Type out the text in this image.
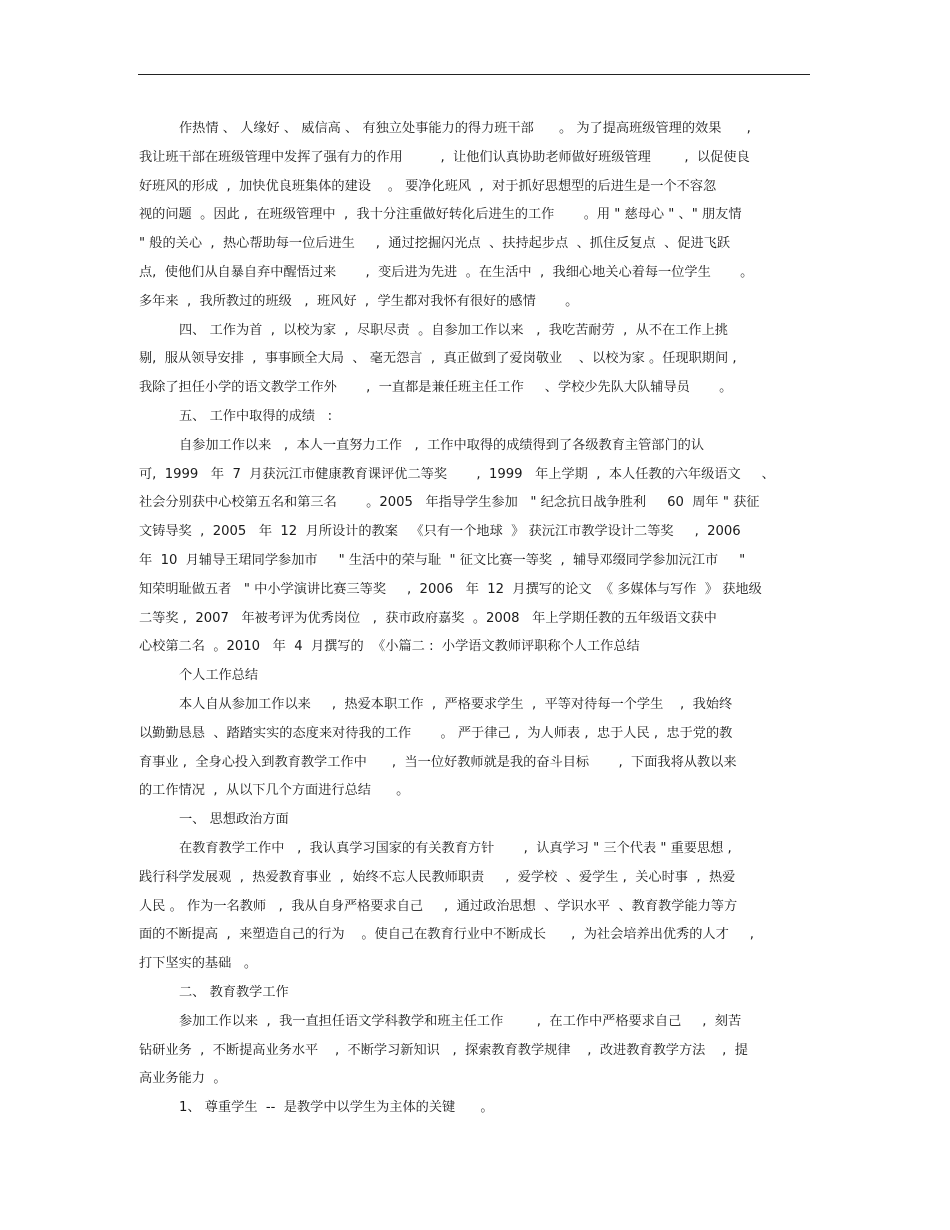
作热情 、 人缘好 、 威信高 、 有独立处事能力的得力班干部      。 为了提高班级管理的效果      ,
我让班干部在班级管理中发挥了强有力的作用         ,  让他们认真协助老师做好班级管理        ,  以促使良
好班风的形成  ,  加快优良班集体的建设    。 要净化班风  ,  对于抓好思想型的后进生是一个不容忽
视的问题  。因此 ,  在班级管理中  ,  我十分注重做好转化后进生的工作       。用 " 慈母心 " 、" 朋友情
" 般的关心  ,  热心帮助每一位后进生     ,  通过挖掘闪光点  、扶持起步点  、抓住反复点  、促进飞跃
点,  使他们从自暴自弃中醒悟过来       ,  变后进为先进  。在生活中  ,  我细心地关心着每一位学生       。
多年来  ,  我所教过的班级   ,  班风好  ,  学生都对我怀有很好的感情       。
四、 工作为首  ,  以校为家  ,  尽职尽责  。自参加工作以来   ,  我吃苦耐劳  ,  从不在工作上挑
剔,  服从领导安排  ,  事事顾全大局  、 毫无怨言  ,  真正做到了爱岗敬业    、以校为家 。任现职期间 ,
我除了担任小学的语文教学工作外       ,  一直都是兼任班主任工作     、学校少先队大队辅导员       。
五、 工作中取得的成绩   :
自参加工作以来   ,  本人一直努力工作   ,  工作中取得的成绩得到了各级教育主管部门的认
可,  1999   年  7  月获沅江市健康教育课评优二等奖       ,  1999   年上学期  ,  本人任教的六年级语文     、
社会分别获中心校第五名和第三名       。2005   年指导学生参加   " 纪念抗日战争胜利     60  周年 " 获征
文铸导奖  ,  2005   年  12  月所设计的教案   《只有一个地球  》 获沅江市教学设计二等奖     ,  2006
年  10  月辅导王珺同学参加市     " 生活中的荣与耻  " 征文比赛一等奖  ,  辅导邓缀同学参加沅江市     "
知荣明耻做五者   " 中小学演讲比赛三等奖     ,  2006   年  12  月撰写的论文  《 多媒体与写作  》 获地级
二等奖 ,  2007   年被考评为优秀岗位   ,  获市政府嘉奖  。2008   年上学期任教的五年级语文获中
心校第二名  。2010   年  4  月撰写的  《小篇二 :  小学语文教师评职称个人工作总结
个人工作总结
本人自从参加工作以来     ,  热爱本职工作  ,  严格要求学生  ,  平等对待每一个学生    ,  我始终
以勤勤恳恳  、踏踏实实的态度来对待我的工作       。 严于律己 ,  为人师表 ,  忠于人民 ,  忠于党的教
育事业 ,  全身心投入到教育教学工作中      ,  当一位好教师就是我的奋斗目标       ,  下面我将从教以来
的工作情况  ,  从以下几个方面进行总结      。
一、 思想政治方面
在教育教学工作中   ,  我认真学习国家的有关教育方针       ,  认真学习 " 三个代表 " 重要思想 ,
践行科学发展观  ,  热爱教育事业  ,  始终不忘人民教师职责     ,  爱学校  、爱学生 ,  关心时事  ,  热爱
人民 。 作为一名教师   ,  我从自身严格要求自己     ,  通过政治思想  、学识水平  、教育教学能力等方
面的不断提高  ,  来塑造自己的行为    。使自己在教育行业中不断成长      ,  为社会培养出优秀的人才     ,
打下坚实的基础   。
二、 教育教学工作
参加工作以来  ,  我一直担任语文学科教学和班主任工作        ,  在工作中严格要求自己     ,  刻苦
钻研业务  ,  不断提高业务水平    ,  不断学习新知识   ,  探索教育教学规律    ,  改进教育教学方法    ,  提
高业务能力  。
1、 尊重学生  --  是教学中以学生为主体的关键      。
